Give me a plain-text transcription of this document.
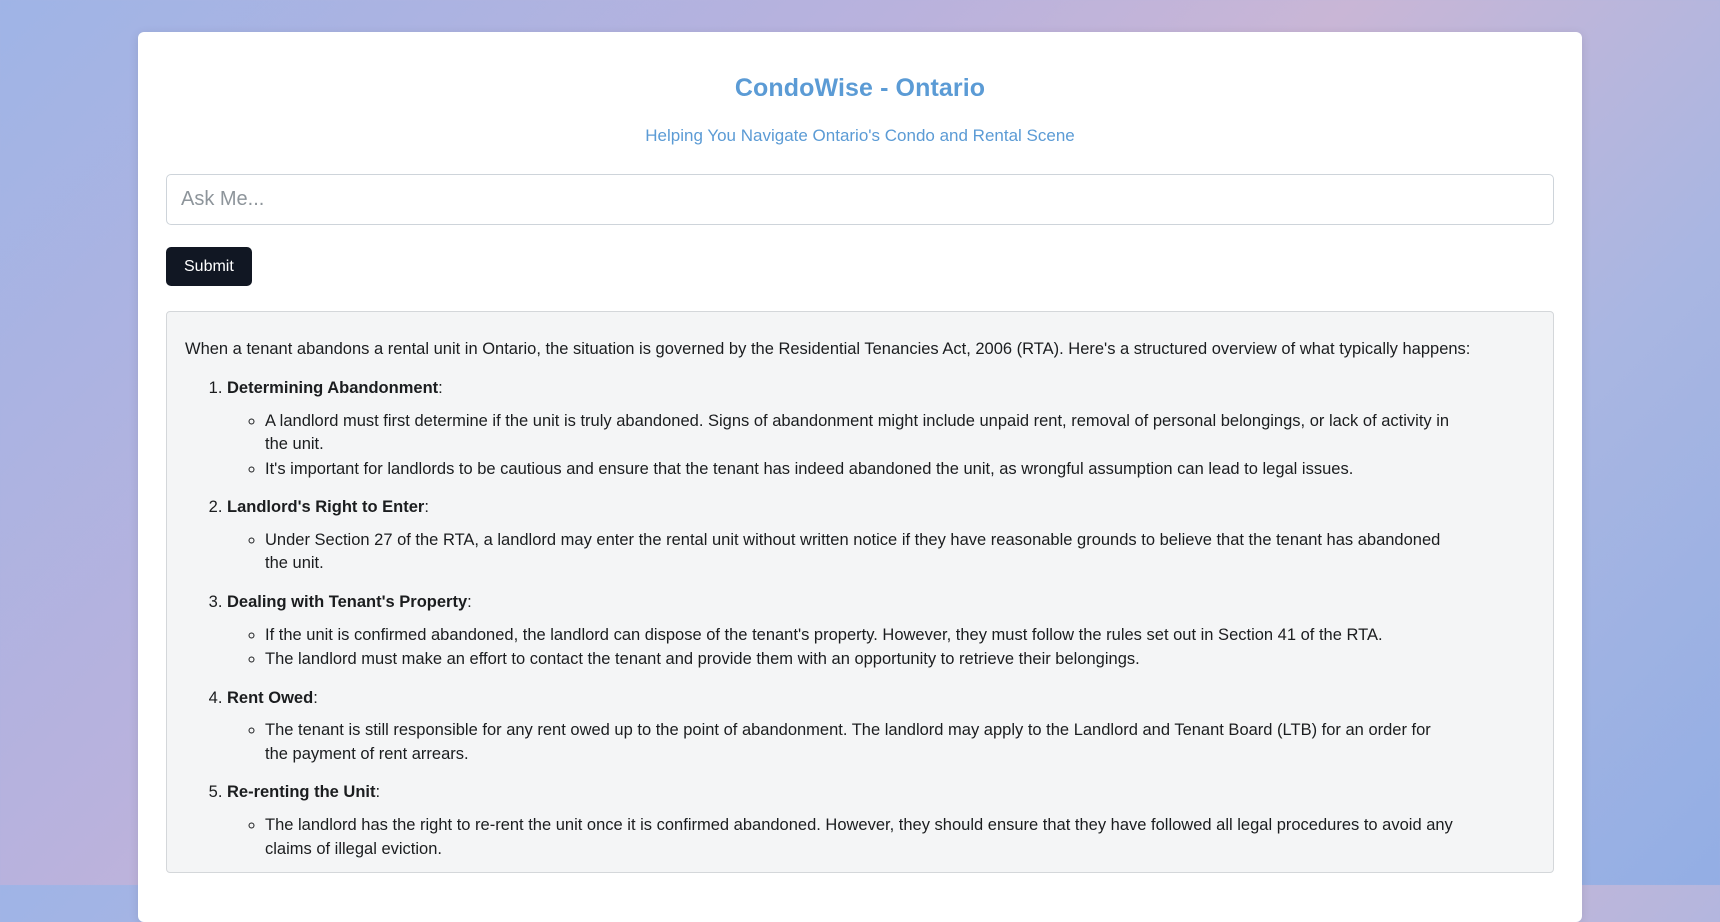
CondoWise - Ontario

Helping You Navigate Ontario's Condo and Rental Scene

Ask Me...
Submit

When a tenant abandons a rental unit in Ontario, the situation is governed by the Residential Tenancies Act, 2006 (RTA). Here's a structured overview of what typically happens:

1. Determining Abandonment:
◦ A landlord must first determine if the unit is truly abandoned. Signs of abandonment might include unpaid rent, removal of personal belongings, or lack of activity in the unit.
◦ It's important for landlords to be cautious and ensure that the tenant has indeed abandoned the unit, as wrongful assumption can lead to legal issues.
2. Landlord's Right to Enter:
◦ Under Section 27 of the RTA, a landlord may enter the rental unit without written notice if they have reasonable grounds to believe that the tenant has abandoned the unit.
3. Dealing with Tenant's Property:
◦ If the unit is confirmed abandoned, the landlord can dispose of the tenant's property. However, they must follow the rules set out in Section 41 of the RTA.
◦ The landlord must make an effort to contact the tenant and provide them with an opportunity to retrieve their belongings.
4. Rent Owed:
◦ The tenant is still responsible for any rent owed up to the point of abandonment. The landlord may apply to the Landlord and Tenant Board (LTB) for an order for the payment of rent arrears.
5. Re-renting the Unit:
◦ The landlord has the right to re-rent the unit once it is confirmed abandoned. However, they should ensure that they have followed all legal procedures to avoid any claims of illegal eviction.
